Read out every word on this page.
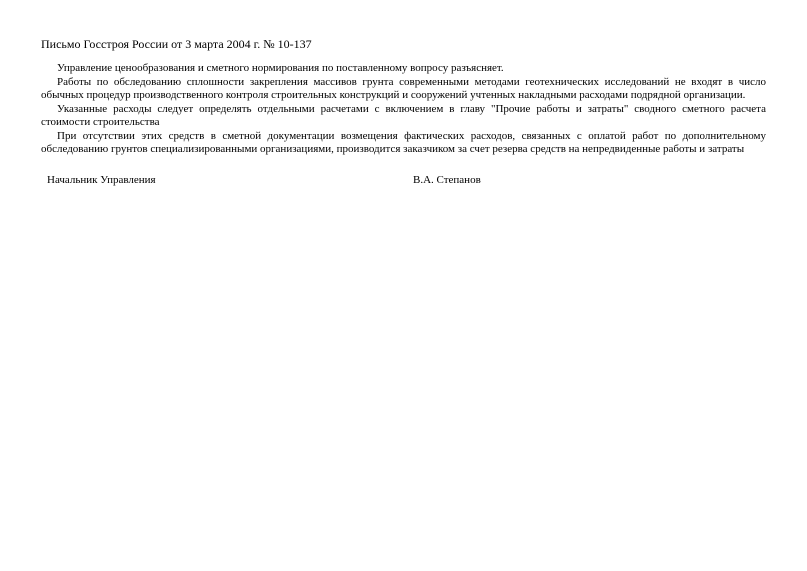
Письмо Госстроя России от 3 марта 2004 г. № 10-137

Управление ценообразования и сметного нормирования по поставленному вопросу разъясняет.

Работы по обследованию сплошности закрепления массивов грунта современными методами геотехнических исследований не входят в число обычных процедур производственного контроля строительных конструкций и сооружений учтенных накладными расходами подрядной организации.

Указанные расходы следует определять отдельными расчетами с включением в главу "Прочие работы и затраты" сводного сметного расчета стоимости строительства

При отсутствии этих средств в сметной документации возмещения фактических расходов, связанных с оплатой работ по дополнительному обследованию грунтов специализированными организациями, производится заказчиком за счет резерва средств на непредвиденные работы и затраты

Начальник Управления	В.А. Степанов
